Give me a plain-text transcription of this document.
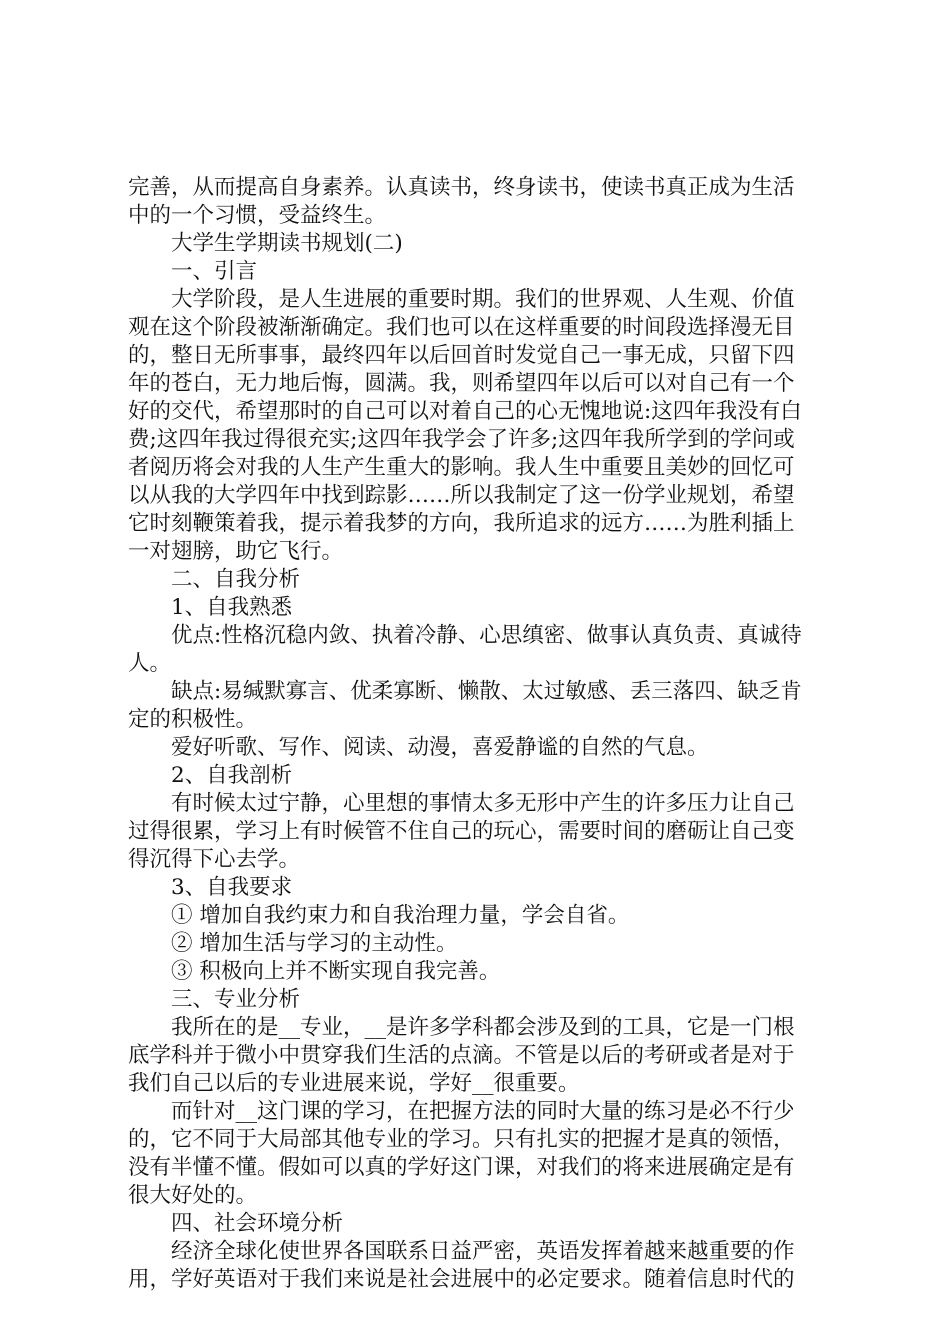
完善，从而提高自身素养。认真读书，终身读书，使读书真正成为生活
中的一个习惯，受益终生。
大学生学期读书规划(二)
一、引言
大学阶段，是人生进展的重要时期。我们的世界观、人生观、价值
观在这个阶段被渐渐确定。我们也可以在这样重要的时间段选择漫无目
的，整日无所事事，最终四年以后回首时发觉自己一事无成，只留下四
年的苍白，无力地后悔，圆满。我，则希望四年以后可以对自己有一个
好的交代，希望那时的自己可以对着自己的心无愧地说:这四年我没有白
费;这四年我过得很充实;这四年我学会了许多;这四年我所学到的学问或
者阅历将会对我的人生产生重大的影响。我人生中重要且美妙的回忆可
以从我的大学四年中找到踪影……所以我制定了这一份学业规划，希望
它时刻鞭策着我，提示着我梦的方向，我所追求的远方……为胜利插上
一对翅膀，助它飞行。
二、自我分析
1、自我熟悉
优点:性格沉稳内敛、执着冷静、心思缜密、做事认真负责、真诚待
人。
缺点:易缄默寡言、优柔寡断、懒散、太过敏感、丢三落四、缺乏肯
定的积极性。
爱好听歌、写作、阅读、动漫，喜爱静谧的自然的气息。
2、自我剖析
有时候太过宁静，心里想的事情太多无形中产生的许多压力让自己
过得很累，学习上有时候管不住自己的玩心，需要时间的磨砺让自己变
得沉得下心去学。
3、自我要求
① 增加自我约束力和自我治理力量，学会自省。
② 增加生活与学习的主动性。
③ 积极向上并不断实现自我完善。
三、专业分析
我所在的是__专业，__是许多学科都会涉及到的工具，它是一门根
底学科并于微小中贯穿我们生活的点滴。不管是以后的考研或者是对于
我们自己以后的专业进展来说，学好__很重要。
而针对__这门课的学习，在把握方法的同时大量的练习是必不行少
的，它不同于大局部其他专业的学习。只有扎实的把握才是真的领悟，
没有半懂不懂。假如可以真的学好这门课，对我们的将来进展确定是有
很大好处的。
四、社会环境分析
经济全球化使世界各国联系日益严密，英语发挥着越来越重要的作
用，学好英语对于我们来说是社会进展中的必定要求。随着信息时代的
